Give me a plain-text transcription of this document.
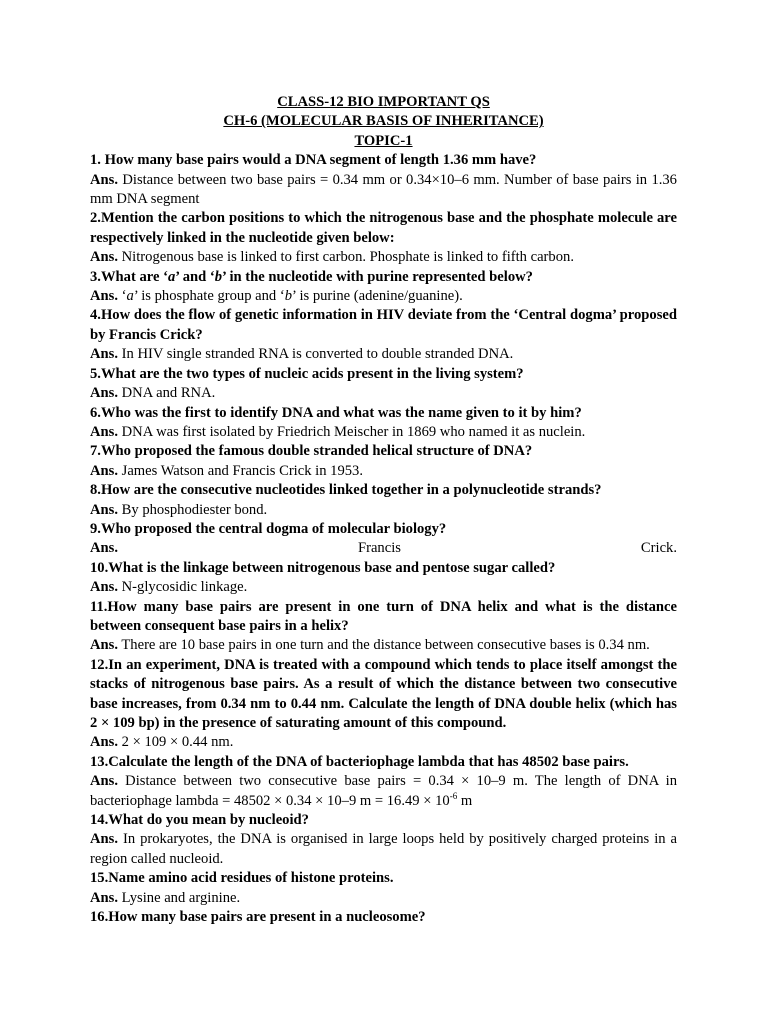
CLASS-12 BIO IMPORTANT QS
CH-6 (MOLECULAR BASIS OF INHERITANCE)
TOPIC-1
1. How many base pairs would a DNA segment of length 1.36 mm have?
Ans. Distance between two base pairs = 0.34 mm or 0.34×10–6 mm. Number of base pairs in 1.36 mm DNA segment
2.Mention the carbon positions to which the nitrogenous base and the phosphate molecule are respectively linked in the nucleotide given below:
Ans. Nitrogenous base is linked to first carbon. Phosphate is linked to fifth carbon.
3.What are ‘a’ and ‘b’ in the nucleotide with purine represented below?
Ans. ‘a’ is phosphate group and ‘b’ is purine (adenine/guanine).
4.How does the flow of genetic information in HIV deviate from the ‘Central dogma’ proposed by Francis Crick?
Ans. In HIV single stranded RNA is converted to double stranded DNA.
5.What are the two types of nucleic acids present in the living system?
Ans. DNA and RNA.
6.Who was the first to identify DNA and what was the name given to it by him?
Ans. DNA was first isolated by Friedrich Meischer in 1869 who named it as nuclein.
7.Who proposed the famous double stranded helical structure of DNA?
Ans. James Watson and Francis Crick in 1953.
8.How are the consecutive nucleotides linked together in a polynucleotide strands?
Ans. By phosphodiester bond.
9.Who proposed the central dogma of molecular biology?
Ans.	Francis Crick.
10.What is the linkage between nitrogenous base and pentose sugar called?
Ans. N-glycosidic linkage.
11.How many base pairs are present in one turn of DNA helix and what is the distance between consequent base pairs in a helix?
Ans. There are 10 base pairs in one turn and the distance between consecutive bases is 0.34 nm.
12.In an experiment, DNA is treated with a compound which tends to place itself amongst the stacks of nitrogenous base pairs. As a result of which the distance between two consecutive base increases, from 0.34 nm to 0.44 nm. Calculate the length of DNA double helix (which has 2 × 109 bp) in the presence of saturating amount of this compound.
Ans. 2 × 109 × 0.44 nm.
13.Calculate the length of the DNA of bacteriophage lambda that has 48502 base pairs.
Ans. Distance between two consecutive base pairs = 0.34 × 10–9 m. The length of DNA in bacteriophage lambda = 48502 × 0.34 × 10–9 $m = 16.49 \times 10^{-6}$ m
14.What do you mean by nucleoid?
Ans. In prokaryotes, the DNA is organised in large loops held by positively charged proteins in a region called nucleoid.
15.Name amino acid residues of histone proteins.
Ans. Lysine and arginine.
16.How many base pairs are present in a nucleosome?
